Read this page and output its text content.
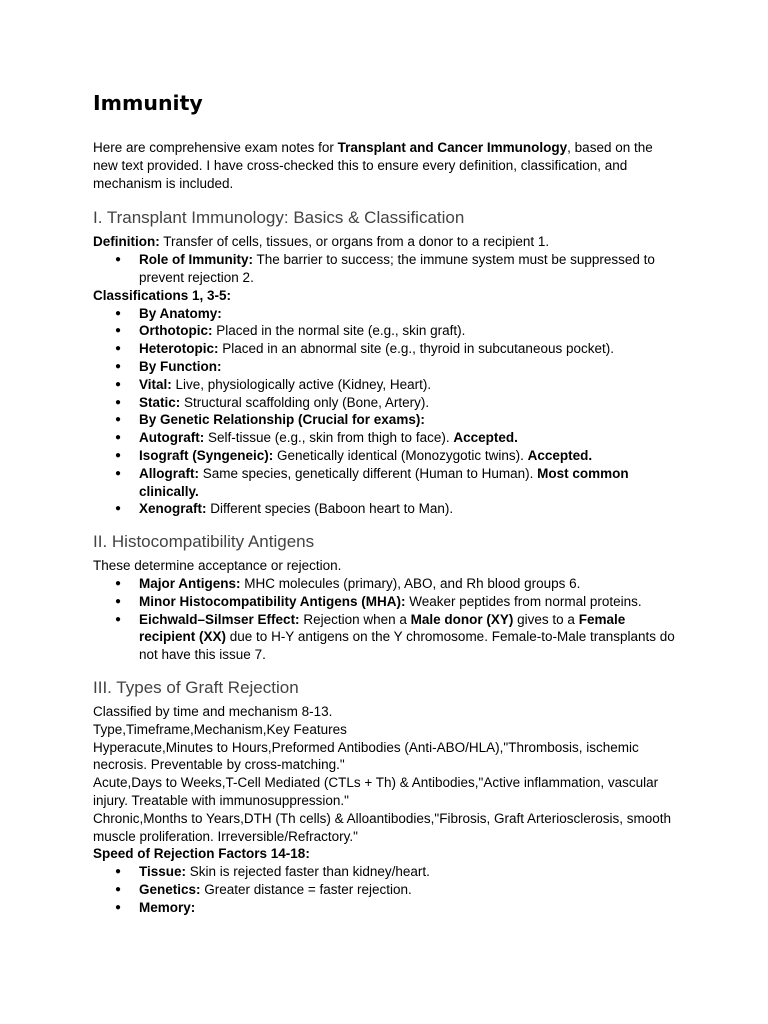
Immunity

Here are comprehensive exam notes for Transplant and Cancer Immunology, based on the new text provided. I have cross-checked this to ensure every definition, classification, and mechanism is included.

I. Transplant Immunology: Basics & Classification

Definition: Transfer of cells, tissues, or organs from a donor to a recipient 1.

● Role of Immunity: The barrier to success; the immune system must be suppressed to prevent rejection 2.

Classifications 1, 3-5:

● By Anatomy:
● Orthotopic: Placed in the normal site (e.g., skin graft).
● Heterotopic: Placed in an abnormal site (e.g., thyroid in subcutaneous pocket).
● By Function:
● Vital: Live, physiologically active (Kidney, Heart).
● Static: Structural scaffolding only (Bone, Artery).
● By Genetic Relationship (Crucial for exams):
● Autograft: Self-tissue (e.g., skin from thigh to face). Accepted.
● Isograft (Syngeneic): Genetically identical (Monozygotic twins). Accepted.
● Allograft: Same species, genetically different (Human to Human). Most common clinically.
● Xenograft: Different species (Baboon heart to Man).
II. Histocompatibility Antigens

These determine acceptance or rejection.

● Major Antigens: MHC molecules (primary), ABO, and Rh blood groups 6.
● Minor Histocompatibility Antigens (MHA): Weaker peptides from normal proteins.
● Eichwald–Silmser Effect: Rejection when a Male donor (XY) gives to a Female recipient (XX) due to H-Y antigens on the Y chromosome. Female-to-Male transplants do not have this issue 7.
III. Types of Graft Rejection

Classified by time and mechanism 8-13.

Type,Timeframe,Mechanism,Key Features

Hyperacute,Minutes to Hours,Preformed Antibodies (Anti-ABO/HLA),"Thrombosis, ischemic necrosis. Preventable by cross-matching."

Acute,Days to Weeks,T-Cell Mediated (CTLs + Th) & Antibodies,"Active inflammation, vascular injury. Treatable with immunosuppression."

Chronic,Months to Years,DTH (Th cells) & Alloantibodies,"Fibrosis, Graft Arteriosclerosis, smooth muscle proliferation. Irreversible/Refractory."

Speed of Rejection Factors 14-18:

● Tissue: Skin is rejected faster than kidney/heart.
● Genetics: Greater distance = faster rejection.
● Memory:
